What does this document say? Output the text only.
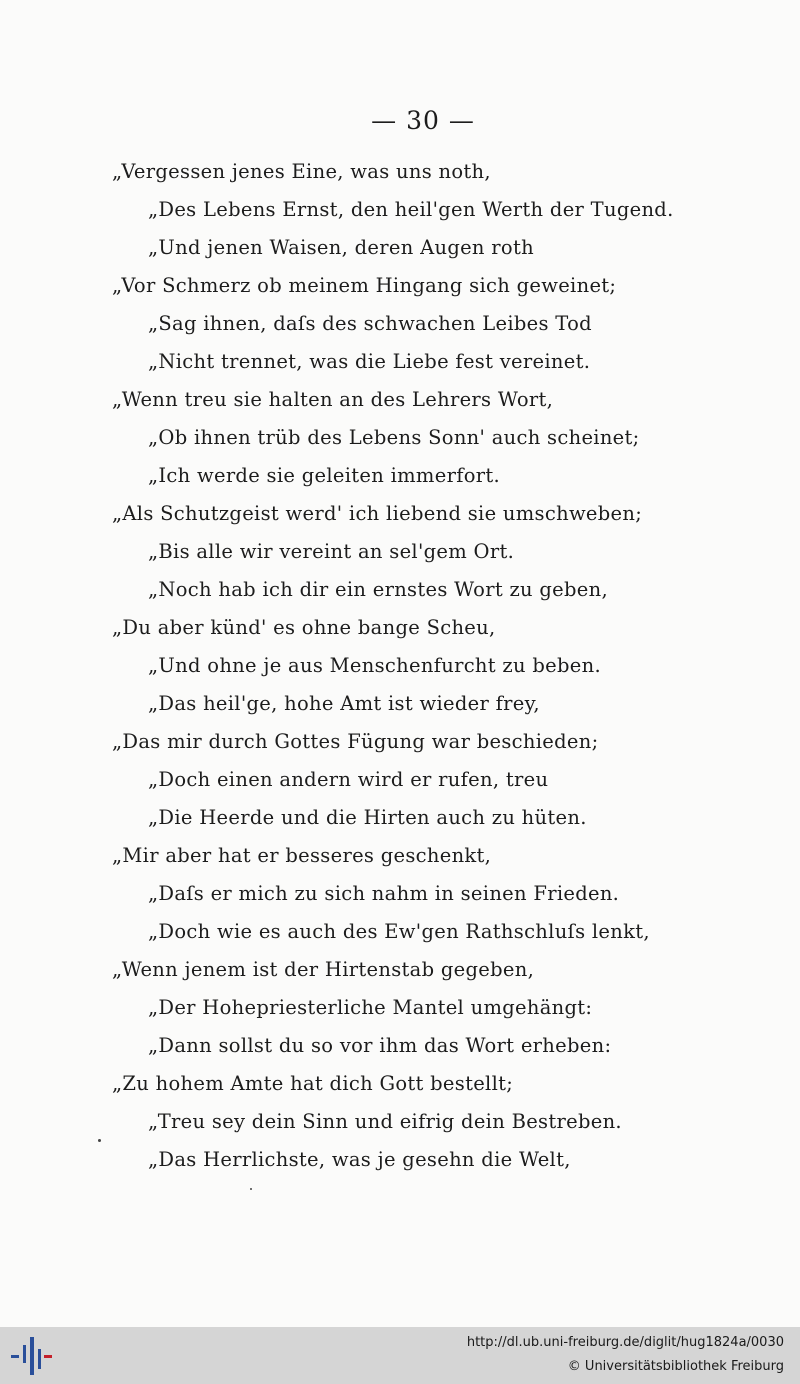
— 30 —
„Vergessen jenes Eine, was uns noth,
„Des Lebens Ernst, den heil'gen Werth der Tugend.
„Und jenen Waisen, deren Augen roth
„Vor Schmerz ob meinem Hingang sich geweinet;
„Sag ihnen, daſs des schwachen Leibes Tod
„Nicht trennet, was die Liebe fest vereinet.
„Wenn treu sie halten an des Lehrers Wort,
„Ob ihnen trüb des Lebens Sonn' auch scheinet;
„Ich werde sie geleiten immerfort.
„Als Schutzgeist werd' ich liebend sie umschweben;
„Bis alle wir vereint an sel'gem Ort.
„Noch hab ich dir ein ernstes Wort zu geben,
„Du aber künd' es ohne bange Scheu,
„Und ohne je aus Menschenfurcht zu beben.
„Das heil'ge, hohe Amt ist wieder frey,
„Das mir durch Gottes Fügung war beschieden;
„Doch einen andern wird er rufen, treu
„Die Heerde und die Hirten auch zu hüten.
„Mir aber hat er besseres geschenkt,
„Daſs er mich zu sich nahm in seinen Frieden.
„Doch wie es auch des Ew'gen Rathschluſs lenkt,
„Wenn jenem ist der Hirtenstab gegeben,
„Der Hohepriesterliche Mantel umgehängt:
„Dann sollst du so vor ihm das Wort erheben:
„Zu hohem Amte hat dich Gott bestellt;
„Treu sey dein Sinn und eifrig dein Bestreben.
„Das Herrlichste, was je gesehn die Welt,
http://dl.ub.uni-freiburg.de/diglit/hug1824a/0030
© Universitätsbibliothek Freiburg
